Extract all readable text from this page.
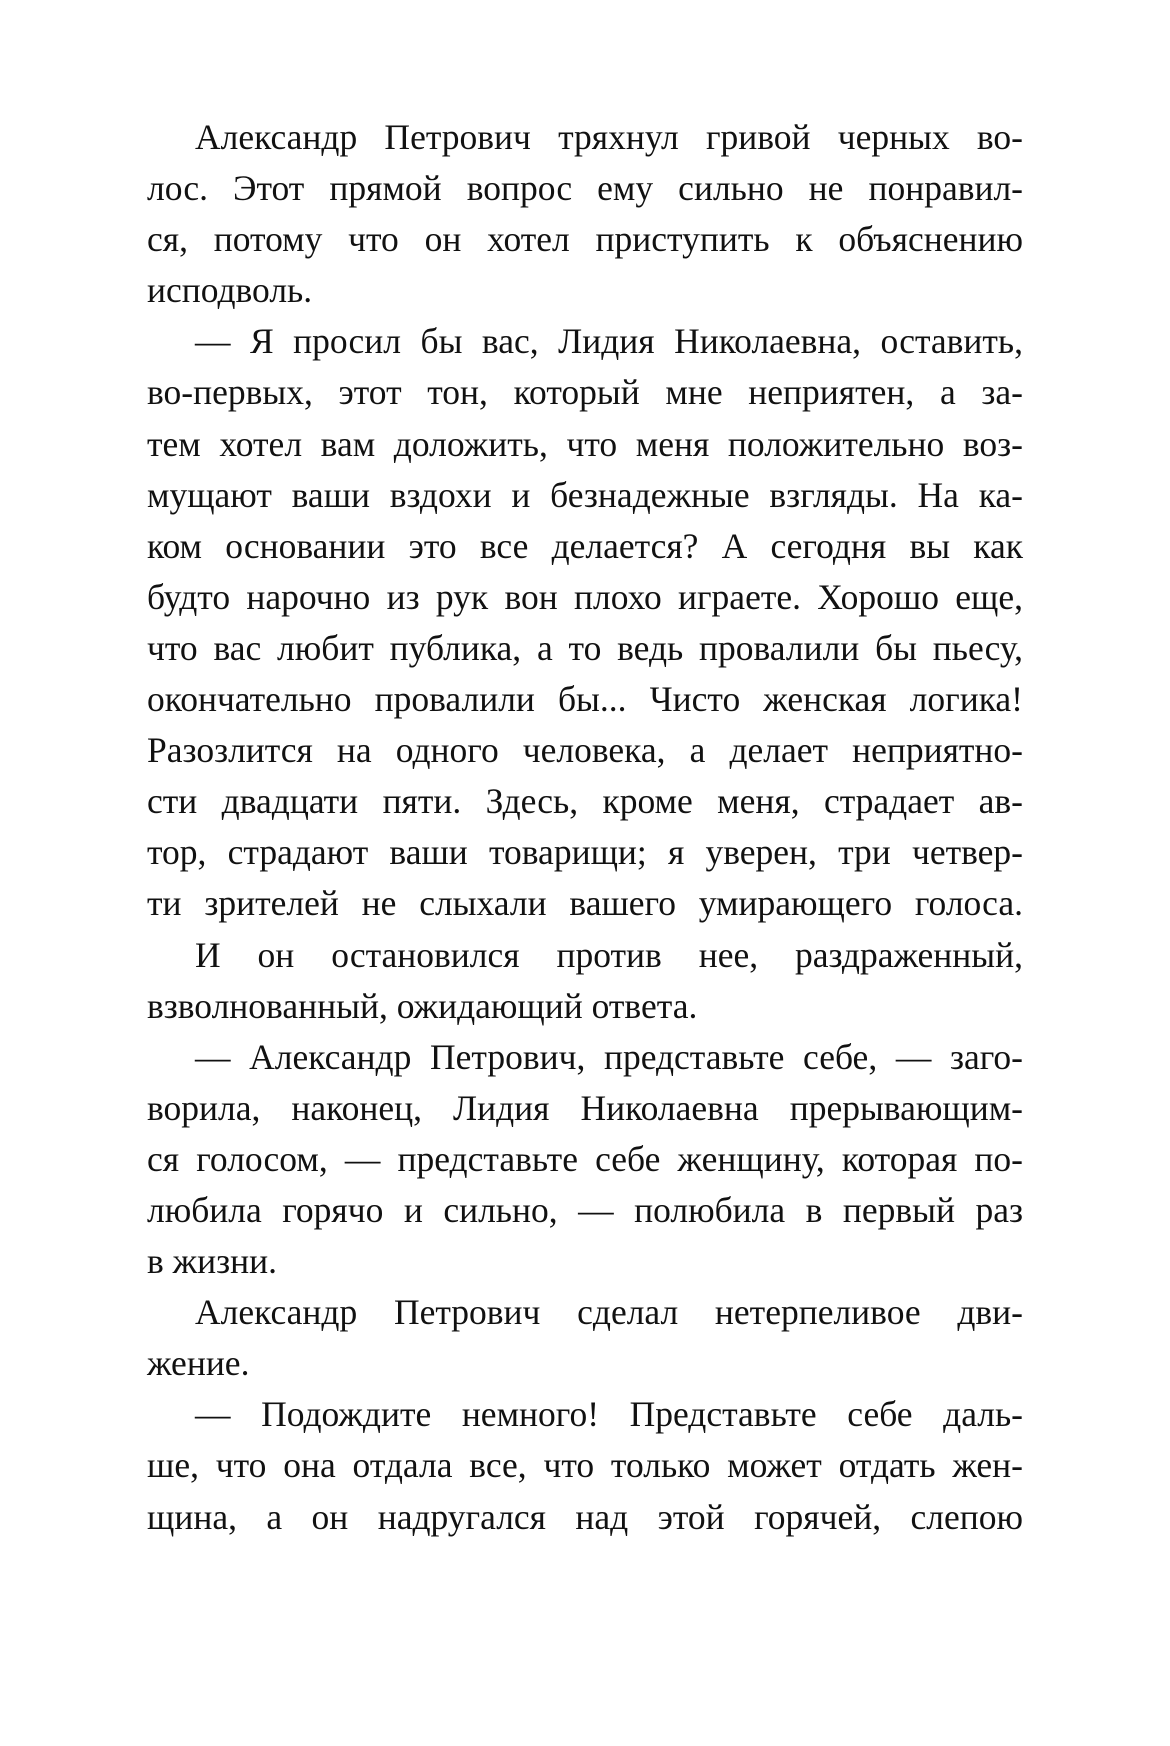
Александр Петрович тряхнул гривой черных во-
лос. Этот прямой вопрос ему сильно не понравил-
ся, потому что он хотел приступить к объяснению
исподволь.
— Я просил бы вас, Лидия Николаевна, оставить,
во-первых, этот тон, который мне неприятен, а за-
тем хотел вам доложить, что меня положительно воз-
мущают ваши вздохи и безнадежные взгляды. На ка-
ком основании это все делается? А сегодня вы как
будто нарочно из рук вон плохо играете. Хорошо еще,
что вас любит публика, а то ведь провалили бы пьесу,
окончательно провалили бы... Чисто женская логика!
Разозлится на одного человека, а делает неприятно-
сти двадцати пяти. Здесь, кроме меня, страдает ав-
тор, страдают ваши товарищи; я уверен, три четвер-
ти зрителей не слыхали вашего умирающего голоса.
И он остановился против нее, раздраженный,
взволнованный, ожидающий ответа.
— Александр Петрович, представьте себе, — заго-
ворила, наконец, Лидия Николаевна прерывающим-
ся голосом, — представьте себе женщину, которая по-
любила горячо и сильно, — полюбила в первый раз
в жизни.
Александр Петрович сделал нетерпеливое дви-
жение.
— Подождите немного! Представьте себе даль-
ше, что она отдала все, что только может отдать жен-
щина, а он надругался над этой горячей, слепою
